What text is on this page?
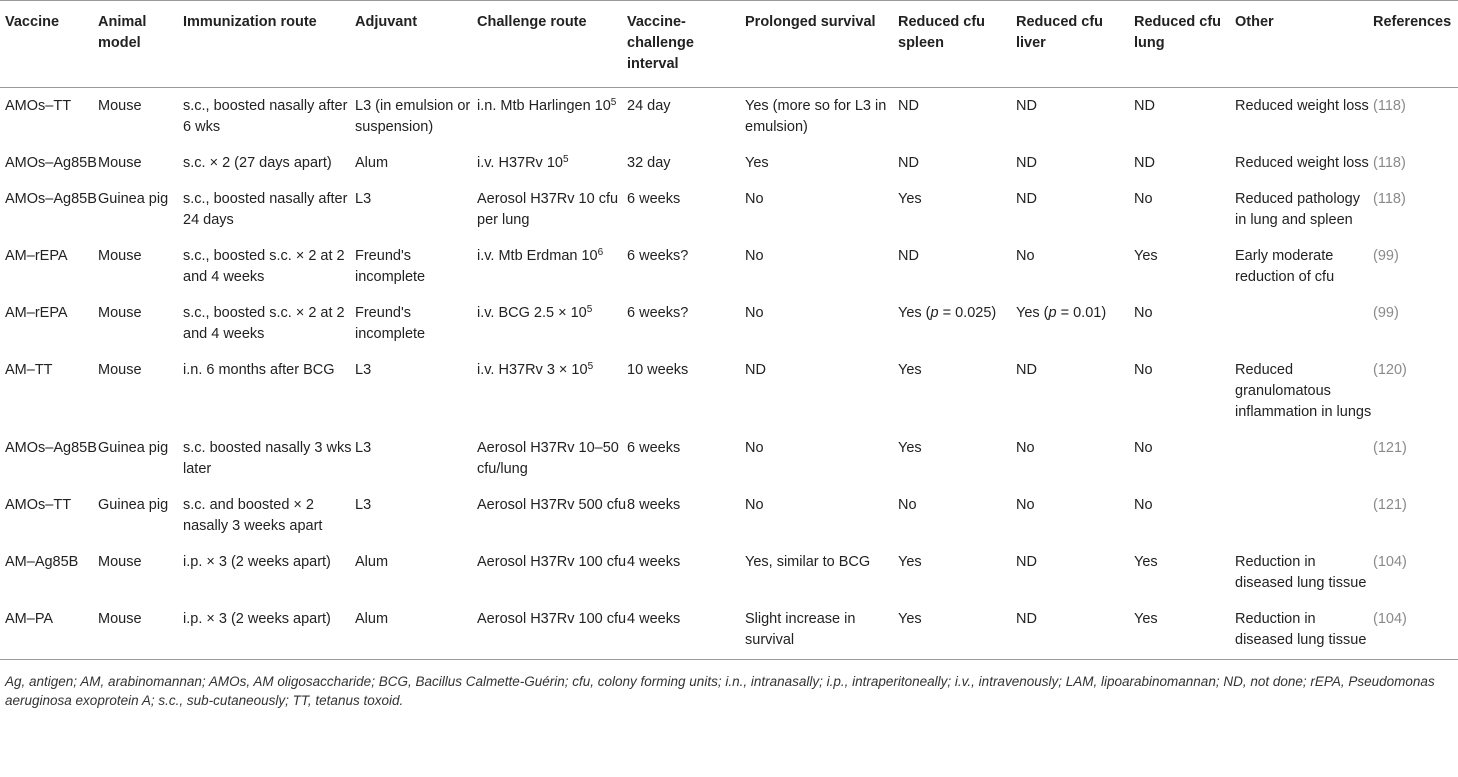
Vaccine	Animal model	Immunization route	Adjuvant	Challenge route	Vaccine-challenge interval	Prolonged survival	Reduced cfu spleen	Reduced cfu liver	Reduced cfu lung	Other	References
AMOs–TT	Mouse	s.c., boosted nasally after 6 wks	L3 (in emulsion or suspension)	i.n. Mtb Harlingen $10^5$	24 day	Yes (more so for L3 in emulsion)	ND	ND	ND	Reduced weight loss	(118)
AMOs–Ag85B	Mouse	s.c. × 2 (27 days apart)	Alum	i.v. H37Rv $10^5$	32 day	Yes	ND	ND	ND	Reduced weight loss	(118)
AMOs–Ag85B	Guinea pig	s.c., boosted nasally after 24 days	L3	Aerosol H37Rv 10 cfu per lung	6 weeks	No	Yes	ND	No	Reduced pathology in lung and spleen	(118)
AM–rEPA	Mouse	s.c., boosted s.c. × 2 at 2 and 4 weeks	Freund's incomplete	i.v. Mtb Erdman $10^6$	6 weeks?	No	ND	No	Yes	Early moderate reduction of cfu	(99)
AM–rEPA	Mouse	s.c., boosted s.c. × 2 at 2 and 4 weeks	Freund's incomplete	i.v. BCG $2.5 \times 10^5$	6 weeks?	No	Yes (p = 0.025)	Yes (p = 0.01)	No		(99)
AM–TT	Mouse	i.n. 6 months after BCG	L3	i.v. H37Rv $3 \times 10^5$	10 weeks	ND	Yes	ND	No	Reduced granulomatous inflammation in lungs	(120)
AMOs–Ag85B	Guinea pig	s.c. boosted nasally 3 wks later	L3	Aerosol H37Rv 10–50 cfu/lung	6 weeks	No	Yes	No	No		(121)
AMOs–TT	Guinea pig	s.c. and boosted × 2 nasally 3 weeks apart	L3	Aerosol H37Rv 500 cfu	8 weeks	No	No	No	No		(121)
AM–Ag85B	Mouse	i.p. × 3 (2 weeks apart)	Alum	Aerosol H37Rv 100 cfu	4 weeks	Yes, similar to BCG	Yes	ND	Yes	Reduction in diseased lung tissue	(104)
AM–PA	Mouse	i.p. × 3 (2 weeks apart)	Alum	Aerosol H37Rv 100 cfu	4 weeks	Slight increase in survival	Yes	ND	Yes	Reduction in diseased lung tissue	(104)
Ag, antigen; AM, arabinomannan; AMOs, AM oligosaccharide; BCG, Bacillus Calmette-Guérin; cfu, colony forming units; i.n., intranasally; i.p., intraperitoneally; i.v., intravenously; LAM, lipoarabinomannan; ND, not done; rEPA, Pseudomonas aeruginosa exoprotein A; s.c., sub-cutaneously; TT, tetanus toxoid.
